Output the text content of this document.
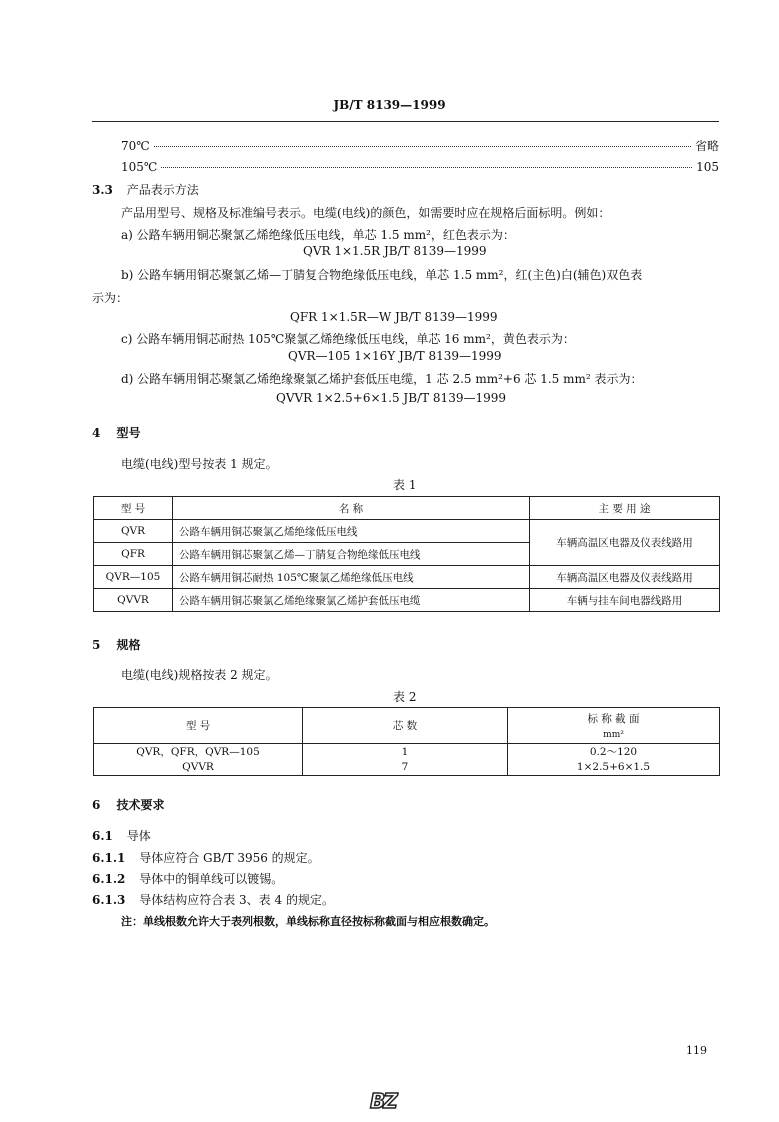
JB/T 8139—1999
70℃	省略
105℃	105
3.3 产品表示方法
产品用型号、规格及标准编号表示。电缆(电线)的颜色，如需要时应在规格后面标明。例如：
a) 公路车辆用铜芯聚氯乙烯绝缘低压电线，单芯 1.5 mm²，红色表示为：
QVR 1×1.5R JB/T 8139—1999
b) 公路车辆用铜芯聚氯乙烯—丁腈复合物绝缘低压电线，单芯 1.5 mm²，红(主色)白(辅色)双色表
示为：
QFR 1×1.5R—W JB/T 8139—1999
c) 公路车辆用铜芯耐热 105℃聚氯乙烯绝缘低压电线，单芯 16 mm²，黄色表示为：
QVR—105 1×16Y JB/T 8139—1999
d) 公路车辆用铜芯聚氯乙烯绝缘聚氯乙烯护套低压电缆，1 芯 2.5 mm²+6 芯 1.5 mm² 表示为：
QVVR 1×2.5+6×1.5 JB/T 8139—1999
4 型号
电缆(电线)型号按表 1 规定。
表 1
型 号	名 称	主 要 用 途
QVR	公路车辆用铜芯聚氯乙烯绝缘低压电线	车辆高温区电器及仪表线路用
QFR	公路车辆用铜芯聚氯乙烯—丁腈复合物绝缘低压电线	
QVR—105	公路车辆用铜芯耐热 105℃聚氯乙烯绝缘低压电线	车辆高温区电器及仪表线路用
QVVR	公路车辆用铜芯聚氯乙烯绝缘聚氯乙烯护套低压电缆	车辆与挂车间电器线路用
5 规格
电缆(电线)规格按表 2 规定。
表 2
型 号	芯 数	标 称 截 面
mm²

QVR，QFR，QVR—105	1	0.2～120
QVVR	7	1×2.5+6×1.5
6 技术要求
6.1 导体
6.1.1 导体应符合 GB/T 3956 的规定。
6.1.2 导体中的铜单线可以镀锡。
6.1.3 导体结构应符合表 3、表 4 的规定。
注：单线根数允许大于表列根数，单线标称直径按标称截面与相应根数确定。
119
BZ
